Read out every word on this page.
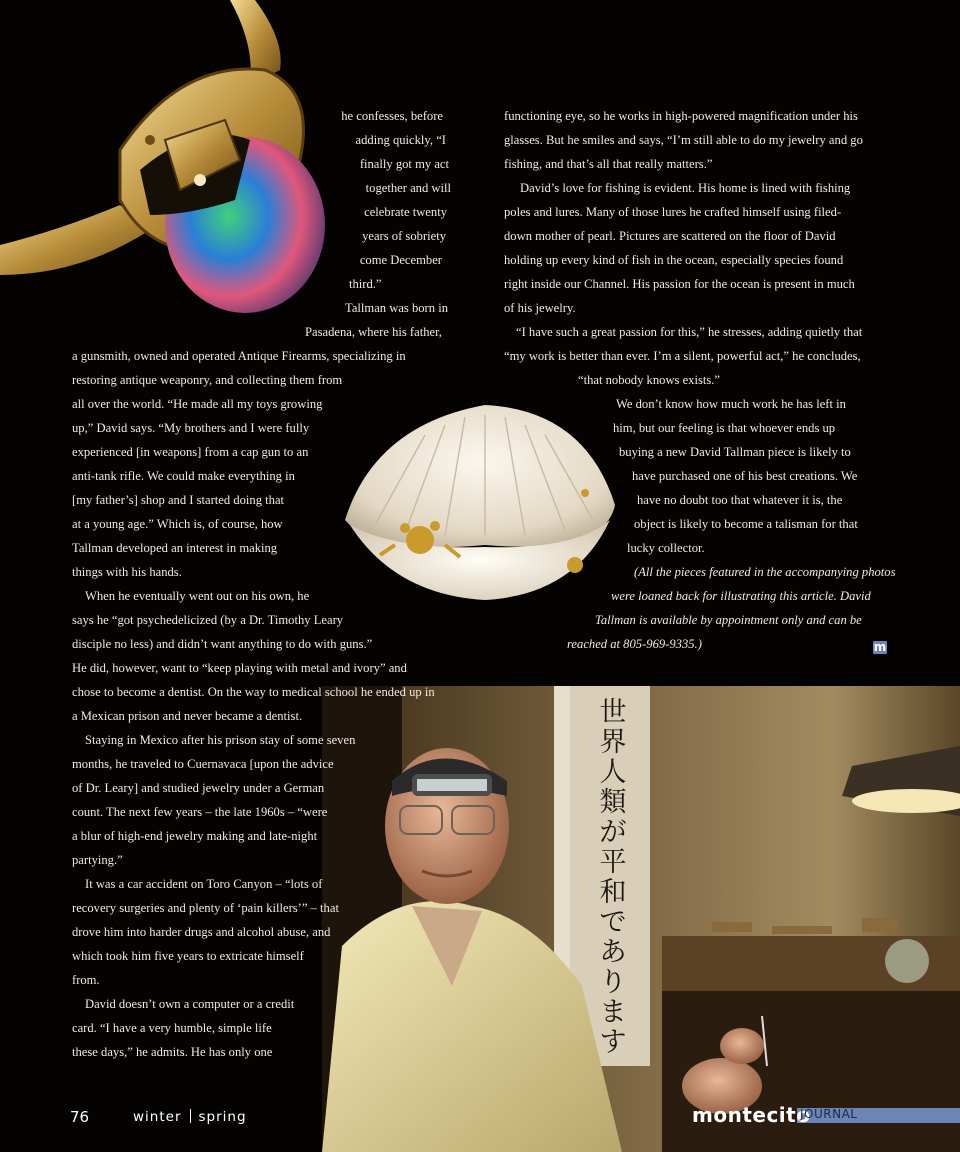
世
界
人
類
が
平
和
で
あ
り
ま
す
he confesses, before
adding quickly, “I
finally got my act
together and will
celebrate twenty
years of sobriety
come December
third.”
Tallman was born in
Pasadena, where his father,
a gunsmith, owned and operated Antique Firearms, specializing in
restoring antique weaponry, and collecting them from
all over the world. “He made all my toys growing
up,” David says. “My brothers and I were fully
experienced [in weapons] from a cap gun to an
anti-tank rifle. We could make everything in
[my father’s] shop and I started doing that
at a young age.” Which is, of course, how
Tallman developed an interest in making
things with his hands.
When he eventually went out on his own, he
says he “got psychedelicized (by a Dr. Timothy Leary
disciple no less) and didn’t want anything to do with guns.”
He did, however, want to “keep playing with metal and ivory” and
chose to become a dentist. On the way to medical school he ended up in
a Mexican prison and never became a dentist.
Staying in Mexico after his prison stay of some seven
months, he traveled to Cuernavaca [upon the advice
of Dr. Leary] and studied jewelry under a German
count. The next few years – the late 1960s – “were
a blur of high-end jewelry making and late-night
partying.”
It was a car accident on Toro Canyon – “lots of
recovery surgeries and plenty of ‘pain killers’” – that
drove him into harder drugs and alcohol abuse, and
which took him five years to extricate himself
from.
David doesn’t own a computer or a credit
card. “I have a very humble, simple life
these days,” he admits. He has only one
functioning eye, so he works in high-powered magnification under his
glasses. But he smiles and says, “I’m still able to do my jewelry and go
fishing, and that’s all that really matters.”
David’s love for fishing is evident. His home is lined with fishing
poles and lures. Many of those lures he crafted himself using filed-
down mother of pearl. Pictures are scattered on the floor of David
holding up every kind of fish in the ocean, especially species found
right inside our Channel. His passion for the ocean is present in much
of his jewelry.
“I have such a great passion for this,” he stresses, adding quietly that
“my work is better than ever. I’m a silent, powerful act,” he concludes,
“that nobody knows exists.”
We don’t know how much work he has left in
him, but our feeling is that whoever ends up
buying a new David Tallman piece is likely to
have purchased one of his best creations. We
have no doubt too that whatever it is, the
object is likely to become a talisman for that
lucky collector.
(All the pieces featured in the accompanying photos
were loaned back for illustrating this article. David
Tallman is available by appointment only and can be
reached at 805-969-9335.)	m
76	winter spring	montecito
JOURNAL
